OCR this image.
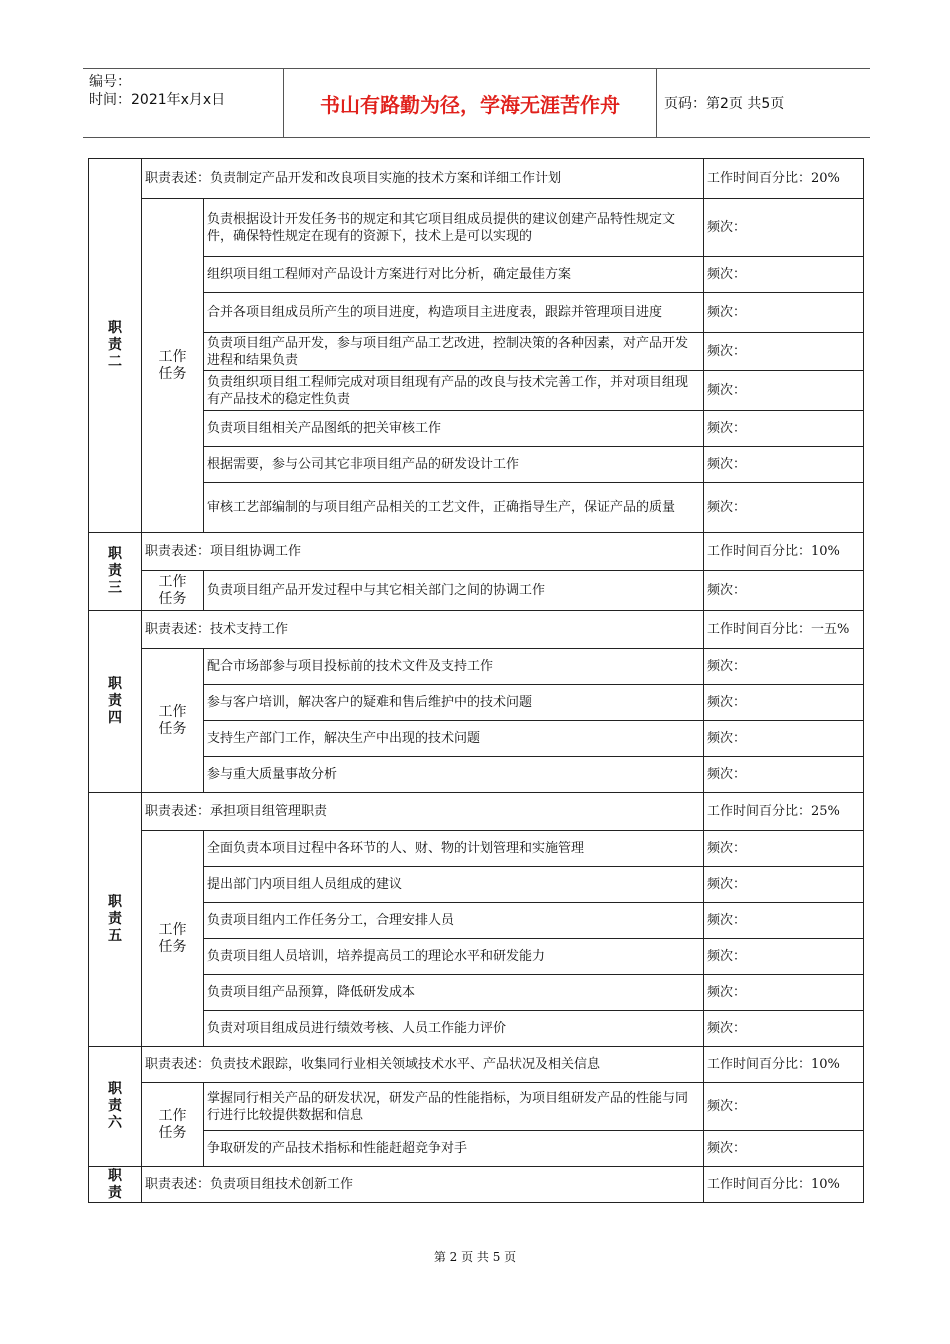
编号：
时间：2021年x月x日	书山有路勤为径，学海无涯苦作舟	页码：第2页 共5页
职责二	职责表述：负责制定产品开发和改良项目实施的技术方案和详细工作计划		工作时间百分比：20%
	工作任务	负责根据设计开发任务书的规定和其它项目组成员提供的建议创建产品特性规定文件，确保特性规定在现有的资源下，技术上是可以实现的	频次：
		组织项目组工程师对产品设计方案进行对比分析，确定最佳方案	频次：
		合并各项目组成员所产生的项目进度，构造项目主进度表，跟踪并管理项目进度	频次：
		负责项目组产品开发，参与项目组产品工艺改进，控制决策的各种因素，对产品开发进程和结果负责	频次：
		负责组织项目组工程师完成对项目组现有产品的改良与技术完善工作，并对项目组现有产品技术的稳定性负责	频次：
		负责项目组相关产品图纸的把关审核工作	频次：
		根据需要，参与公司其它非项目组产品的研发设计工作	频次：
		审核工艺部编制的与项目组产品相关的工艺文件，正确指导生产，保证产品的质量	频次：
职责三	职责表述：项目组协调工作		工作时间百分比：10%
	工作任务	负责项目组产品开发过程中与其它相关部门之间的协调工作	频次：
职责四	职责表述：技术支持工作		工作时间百分比：一五%
	工作任务	配合市场部参与项目投标前的技术文件及支持工作	频次：
		参与客户培训，解决客户的疑难和售后维护中的技术问题	频次：
		支持生产部门工作，解决生产中出现的技术问题	频次：
		参与重大质量事故分析	频次：
职责五	职责表述：承担项目组管理职责		工作时间百分比：25%
	工作任务	全面负责本项目过程中各环节的人、财、物的计划管理和实施管理	频次：
		提出部门内项目组人员组成的建议	频次：
		负责项目组内工作任务分工，合理安排人员	频次：
		负责项目组人员培训，培养提高员工的理论水平和研发能力	频次：
		负责项目组产品预算，降低研发成本	频次：
		负责对项目组成员进行绩效考核、人员工作能力评价	频次：
职责六	职责表述：负责技术跟踪，收集同行业相关领域技术水平、产品状况及相关信息		工作时间百分比：10%
	工作任务	掌握同行相关产品的研发状况，研发产品的性能指标，为项目组研发产品的性能与同行进行比较提供数据和信息	频次：
		争取研发的产品技术指标和性能赶超竞争对手	频次：
职责	职责表述：负责项目组技术创新工作		工作时间百分比：10%
第 2 页 共 5 页
